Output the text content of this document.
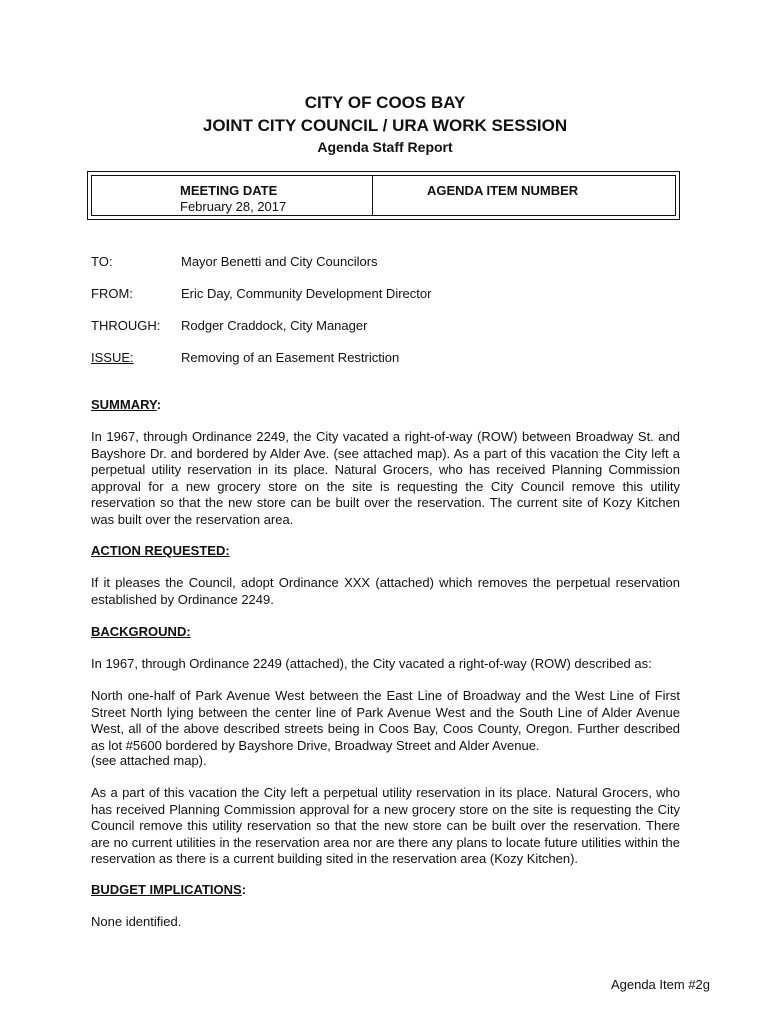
CITY OF COOS BAY
JOINT CITY COUNCIL / URA WORK SESSION
Agenda Staff Report
MEETING DATE
February 28, 2017
AGENDA ITEM NUMBER
TO:	Mayor Benetti and City Councilors
FROM:	Eric Day, Community Development Director
THROUGH: Rodger Craddock, City Manager
ISSUE:	Removing of an Easement Restriction
SUMMARY:

In 1967, through Ordinance 2249, the City vacated a right-of-way (ROW) between Broadway St. and Bayshore Dr. and bordered by Alder Ave. (see attached map). As a part of this vacation the City left a perpetual utility reservation in its place. Natural Grocers, who has received Planning Commission approval for a new grocery store on the site is requesting the City Council remove this utility reservation so that the new store can be built over the reservation. The current site of Kozy Kitchen was built over the reservation area.

ACTION REQUESTED:

If it pleases the Council, adopt Ordinance XXX (attached) which removes the perpetual reservation established by Ordinance 2249.

BACKGROUND:

In 1967, through Ordinance 2249 (attached), the City vacated a right-of-way (ROW) described as:

North one-half of Park Avenue West between the East Line of Broadway and the West Line of First Street North lying between the center line of Park Avenue West and the South Line of Alder Avenue West, all of the above described streets being in Coos Bay, Coos County, Oregon. Further described as lot #5600 bordered by Bayshore Drive, Broadway Street and Alder Avenue.

(see attached map).

As a part of this vacation the City left a perpetual utility reservation in its place. Natural Grocers, who has received Planning Commission approval for a new grocery store on the site is requesting the City Council remove this utility reservation so that the new store can be built over the reservation. There are no current utilities in the reservation area nor are there any plans to locate future utilities within the reservation as there is a current building sited in the reservation area (Kozy Kitchen).

BUDGET IMPLICATIONS:

None identified.

Agenda Item #2g
